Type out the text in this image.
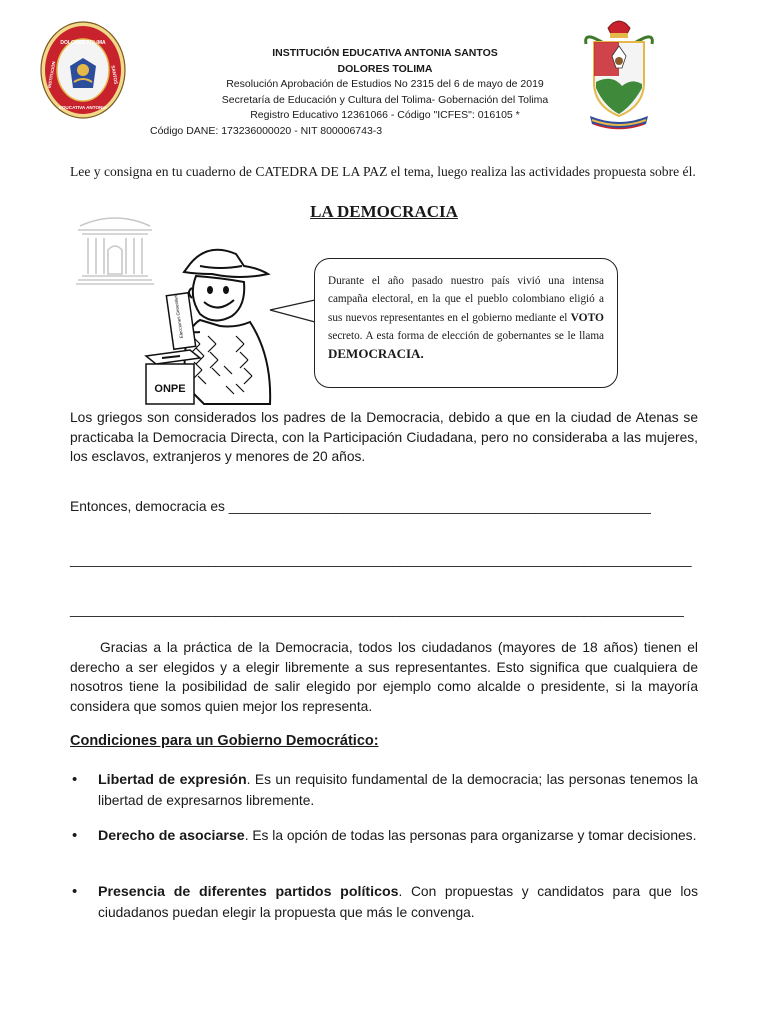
DOLORES TOLIMA
INSTITUCIÓN	SANTOS
EDUCATIVA ANTONIA
INSTITUCIÓN EDUCATIVA ANTONIA SANTOS
DOLORES TOLIMA
Resolución Aprobación de Estudios No 2315 del 6 de mayo de 2019
Secretaría de Educación y Cultura del Tolima- Gobernación del Tolima
Registro Educativo 12361066 - Código "ICFES": 016105 *
Código DANE: 173236000020 - NIT 800006743-3
Lee y consigna en tu cuaderno de CATEDRA DE LA PAZ el tema, luego realiza las actividades propuesta sobre él.
LA DEMOCRACIA
Elecciones Generales
ONPE
Durante el año pasado nuestro país vivió una intensa campaña electoral, en la que el pueblo colombiano eligió a sus nuevos representantes en el gobierno mediante el VOTO secreto. A esta forma de elección de gobernantes se le llama DEMOCRACIA.
Los griegos son considerados los padres de la Democracia, debido a que en la ciudad de Atenas se practicaba la Democracia Directa, con la Participación Ciudadana, pero no consideraba a las mujeres, los esclavos, extranjeros y menores de 20 años.
Entonces, democracia es _______________________________________________________
_________________________________________________________________________________
________________________________________________________________________________
Gracias a la práctica de la Democracia, todos los ciudadanos (mayores de 18 años) tienen el derecho a ser elegidos y a elegir libremente a sus representantes. Esto significa que cualquiera de nosotros tiene la posibilidad de salir elegido por ejemplo como alcalde o presidente, si la mayoría considera que somos quien mejor los representa.
Condiciones para un Gobierno Democrático:
• Libertad de expresión. Es un requisito fundamental de la democracia; las personas tenemos la libertad de expresarnos libremente.
• Derecho de asociarse. Es la opción de todas las personas para organizarse y tomar decisiones.
• Presencia de diferentes partidos políticos. Con propuestas y candidatos para que los ciudadanos puedan elegir la propuesta que más le convenga.
